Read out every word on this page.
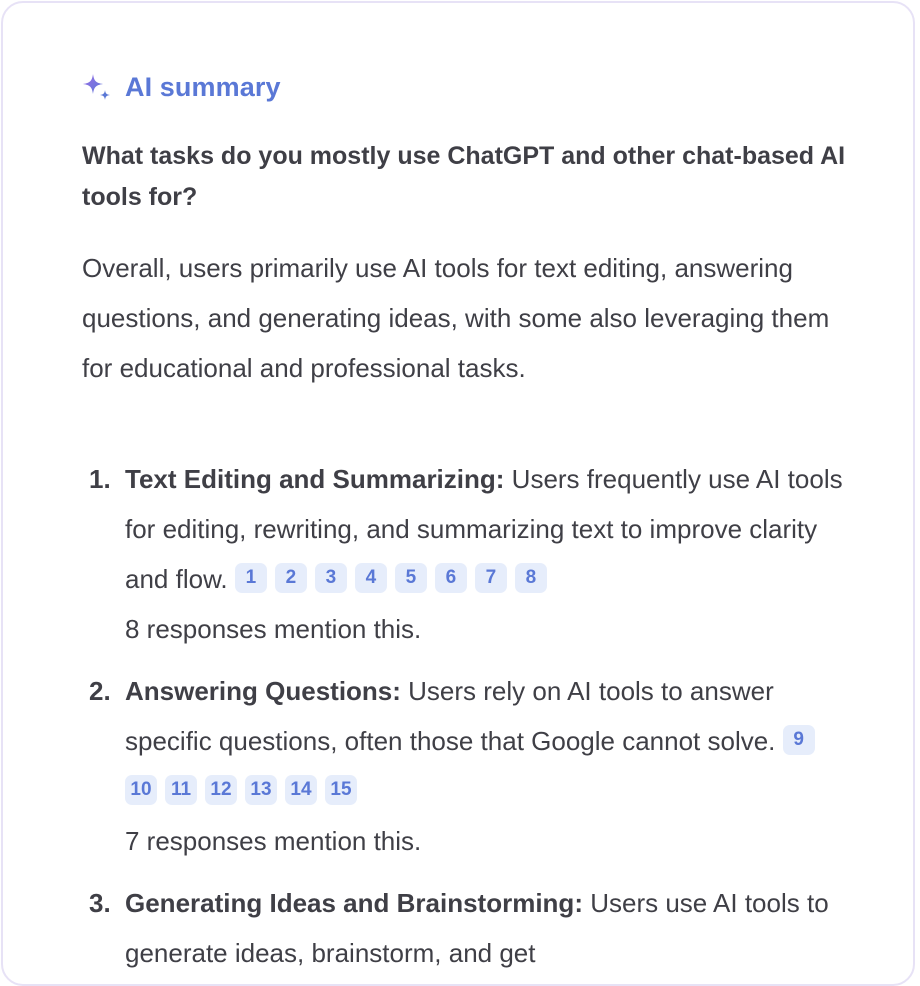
AI summary

What tasks do you mostly use ChatGPT and other chat-based AI tools for?

Overall, users primarily use AI tools for text editing, answering questions, and generating ideas, with some also leveraging them for educational and professional tasks.

1. Text Editing and Summarizing: Users frequently use AI tools for editing, rewriting, and summarizing text to improve clarity and flow. 1 2 3 4 5 6 7 8
8 responses mention this.
2. Answering Questions: Users rely on AI tools to answer specific questions, often those that Google cannot solve. 910 11 12 13 14 15
7 responses mention this.
3. Generating Ideas and Brainstorming: Users use AI tools to generate ideas, brainstorm, and get
